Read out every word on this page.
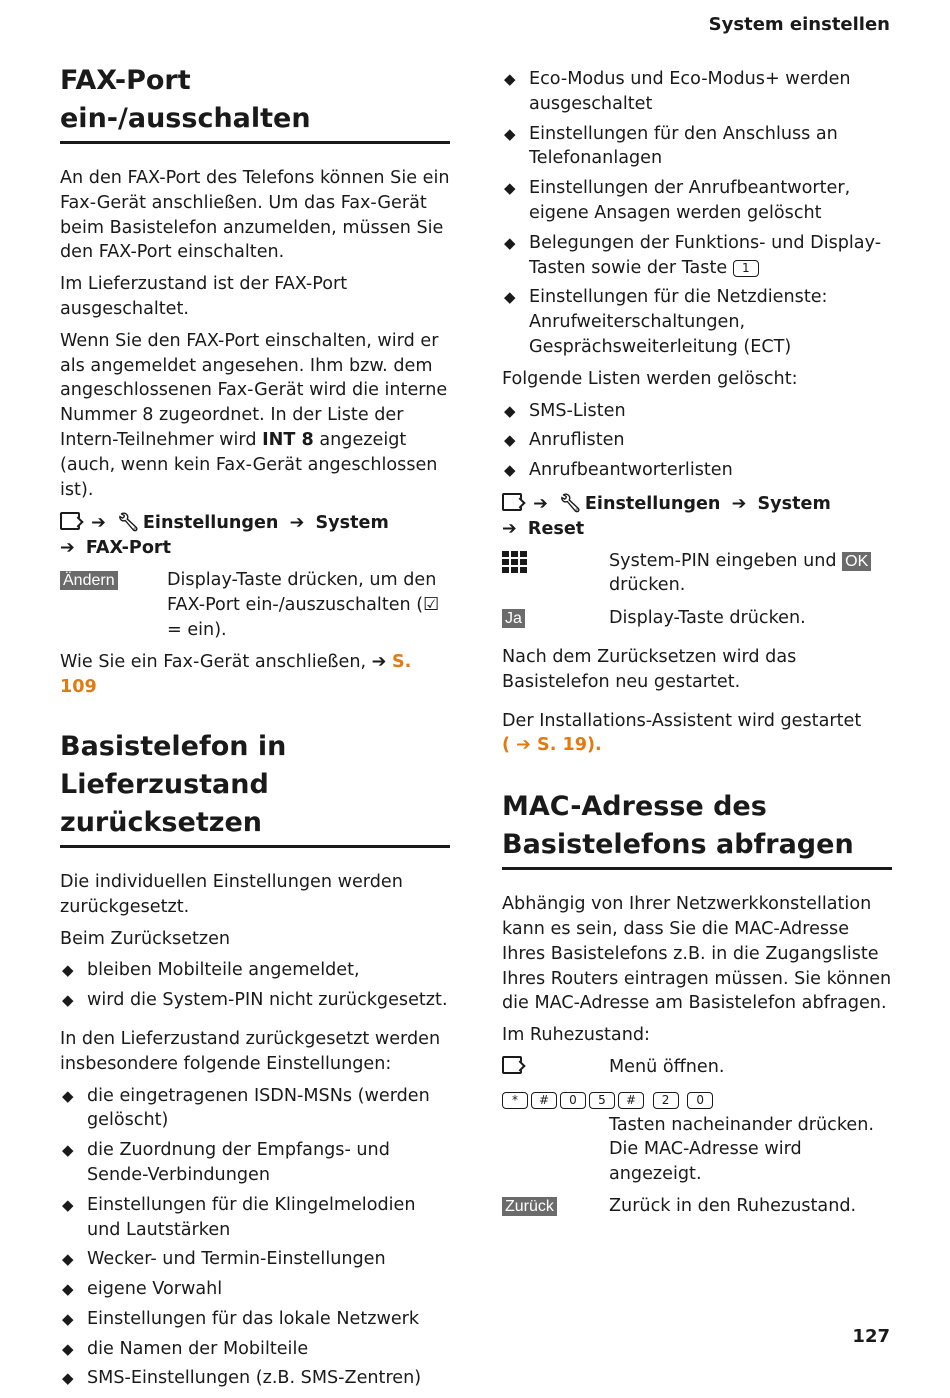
System einstellen
FAX-Port ein-/ausschalten

An den FAX-Port des Telefons können Sie ein Fax-Gerät anschließen. Um das Fax-Gerät beim Basistelefon anzumelden, müssen Sie den FAX-Port einschalten.

Im Lieferzustand ist der FAX-Port ausgeschaltet.

Wenn Sie den FAX-Port einschalten, wird er als angemeldet angesehen. Ihm bzw. dem angeschlossenen Fax-Gerät wird die interne Nummer 8 zugeordnet. In der Liste der Intern-Teilnehmer wird INT 8 angezeigt (auch, wenn kein Fax-Gerät angeschlossen ist).

➔ 🔧︎ Einstellungen ➔ System
➔ FAX-Port
Ändern	Display-Taste drücken, um den FAX-Port ein-/auszuschalten (☑ = ein).

Wie Sie ein Fax-Gerät anschließen, ➔ S. 109

Basistelefon in Lieferzustand
zurücksetzen

Die individuellen Einstellungen werden zurückgesetzt.

Beim Zurücksetzen

◆ bleiben Mobilteile angemeldet,
◆ wird die System-PIN nicht zurückgesetzt.

In den Lieferzustand zurückgesetzt werden insbesondere folgende Einstellungen:

◆ die eingetragenen ISDN-MSNs (werden gelöscht)
◆ die Zuordnung der Empfangs- und Sende-Verbindungen
◆ Einstellungen für die Klingelmelodien und Lautstärken
◆ Wecker- und Termin-Einstellungen
◆ eigene Vorwahl
◆ Einstellungen für das lokale Netzwerk
◆ die Namen der Mobilteile
◆ SMS-Einstellungen (z.B. SMS-Zentren)
◆ Eco-Modus und Eco-Modus+ werden ausgeschaltet
◆ Einstellungen für den Anschluss an Telefonanlagen
◆ Einstellungen der Anrufbeantworter, eigene Ansagen werden gelöscht
◆ Belegungen der Funktions- und Display-Tasten sowie der Taste 1
◆ Einstellungen für die Netzdienste: Anrufweiterschaltungen, Gesprächsweiterleitung (ECT)

Folgende Listen werden gelöscht:

◆ SMS-Listen
◆ Anruflisten
◆ Anrufbeantworterlisten
➔ 🔧︎ Einstellungen ➔ System
➔ Reset
System-PIN eingeben und OK drücken.
Ja	Display-Taste drücken.

Nach dem Zurücksetzen wird das Basistelefon neu gestartet.

Der Installations-Assistent wird gestartet
( ➔ S. 19).

MAC-Adresse des
Basistelefons abfragen

Abhängig von Ihrer Netzwerkkonstellation kann es sein, dass Sie die MAC-Adresse Ihres Basistelefons z.B. in die Zugangsliste Ihres Routers eintragen müssen. Sie können die MAC-Adresse am Basistelefon abfragen.

Im Ruhezustand:

Menü öffnen.
* # 0 5 # 2 0

Tasten nacheinander drücken. Die MAC-Adresse wird angezeigt.

Zurück	Zurück in den Ruhezustand.
127
